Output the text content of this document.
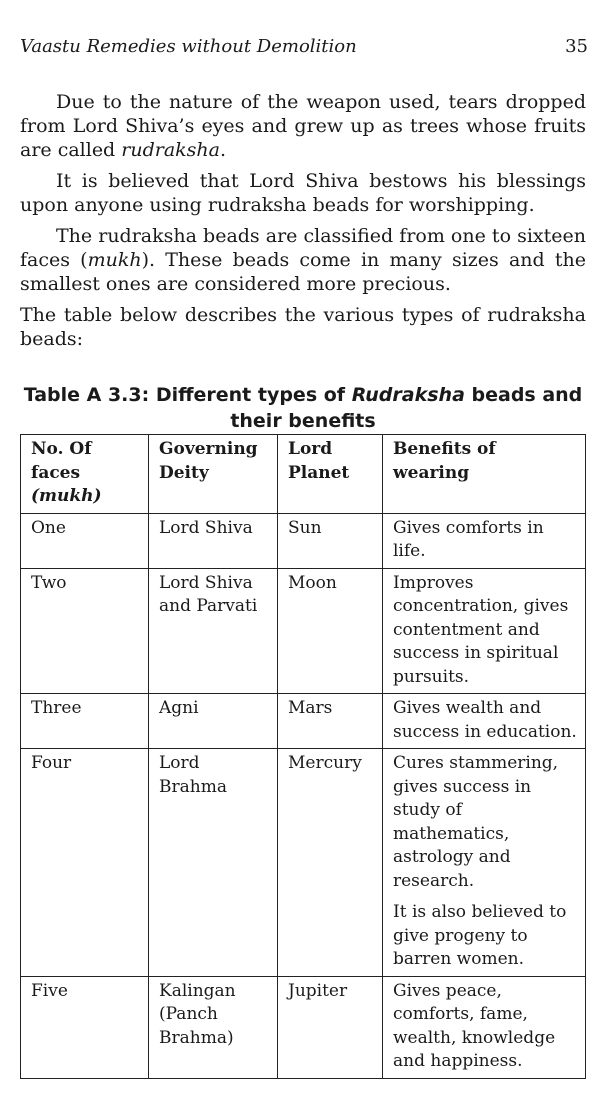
Vaastu Remedies without Demolition	35

Due to the nature of the weapon used, tears dropped from Lord Shiva’s eyes and grew up as trees whose fruits are called rudraksha.

It is believed that Lord Shiva bestows his blessings upon anyone using rudraksha beads for worshipping.

The rudraksha beads are classified from one to sixteen faces (mukh). These beads come in many sizes and the smallest ones are considered more precious.

The table below describes the various types of rudraksha beads:

Table A 3.3: Different types of Rudraksha beads and their benefits
No. Of
faces
(mukh)	Governing Deity	Lord Planet	Benefits of wearing
One	Lord Shiva	Sun	Gives comforts in life.

Two	Lord Shiva and Parvati	Moon	Improves concentration, gives contentment and success in spiritual pursuits.

Three	Agni	Mars	Gives wealth and success in education.

Four	Lord Brahma	Mercury	Cures stammering, gives success in study of mathematics, astrology and research.
It is also believed to give progeny to barren women.

Five	Kalingan (Panch Brahma)	Jupiter	Gives peace, comforts, fame, wealth, knowledge and happiness.
